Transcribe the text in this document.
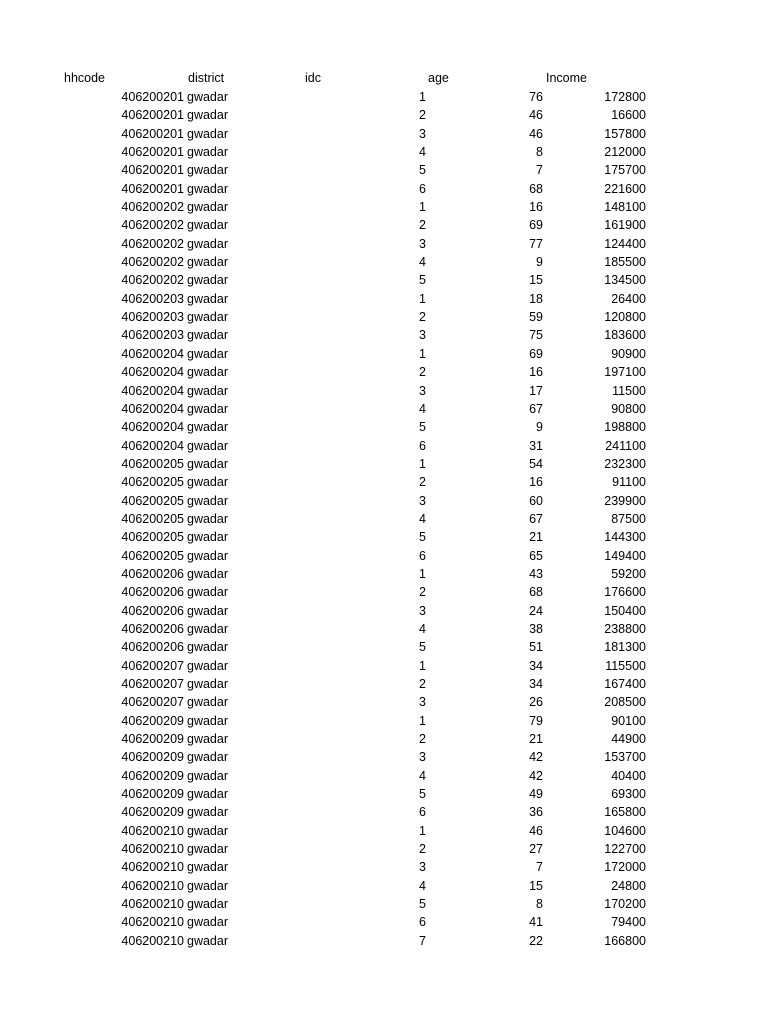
hhcode	district	idc	age	Income
406200201 gwadar	1	76	172800
406200201 gwadar	2	46	16600
406200201 gwadar	3	46	157800
406200201 gwadar	4	8	212000
406200201 gwadar	5	7	175700
406200201 gwadar	6	68	221600
406200202 gwadar	1	16	148100
406200202 gwadar	2	69	161900
406200202 gwadar	3	77	124400
406200202 gwadar	4	9	185500
406200202 gwadar	5	15	134500
406200203 gwadar	1	18	26400
406200203 gwadar	2	59	120800
406200203 gwadar	3	75	183600
406200204 gwadar	1	69	90900
406200204 gwadar	2	16	197100
406200204 gwadar	3	17	11500
406200204 gwadar	4	67	90800
406200204 gwadar	5	9	198800
406200204 gwadar	6	31	241100
406200205 gwadar	1	54	232300
406200205 gwadar	2	16	91100
406200205 gwadar	3	60	239900
406200205 gwadar	4	67	87500
406200205 gwadar	5	21	144300
406200205 gwadar	6	65	149400
406200206 gwadar	1	43	59200
406200206 gwadar	2	68	176600
406200206 gwadar	3	24	150400
406200206 gwadar	4	38	238800
406200206 gwadar	5	51	181300
406200207 gwadar	1	34	115500
406200207 gwadar	2	34	167400
406200207 gwadar	3	26	208500
406200209 gwadar	1	79	90100
406200209 gwadar	2	21	44900
406200209 gwadar	3	42	153700
406200209 gwadar	4	42	40400
406200209 gwadar	5	49	69300
406200209 gwadar	6	36	165800
406200210 gwadar	1	46	104600
406200210 gwadar	2	27	122700
406200210 gwadar	3	7	172000
406200210 gwadar	4	15	24800
406200210 gwadar	5	8	170200
406200210 gwadar	6	41	79400
406200210 gwadar	7	22	166800
